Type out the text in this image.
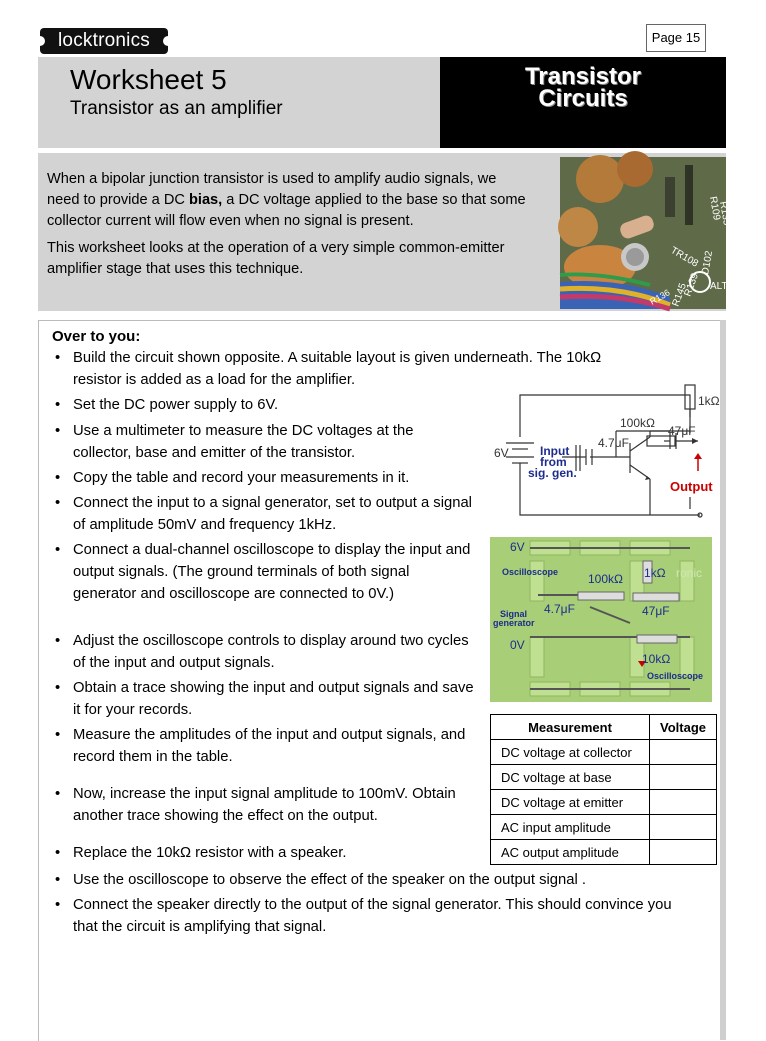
locktronics	Page 15
Worksheet 5
Transistor as an amplifier
Transistor
Circuits

When a bipolar junction transistor is used to amplify audio signals, we need to provide a DC bias, a DC voltage applied to the base so that some collector current will flow even when no signal is present.

This worksheet looks at the operation of a very simple common-emitter amplifier stage that uses this technique.

R145
R139
TR108 D102
R109
R135
ALT
R136
Over to you:
• Build the circuit shown opposite. A suitable layout is given underneath. The 10kΩ resistor is added as a load for the amplifier.
• Set the DC power supply to 6V.
• Use a multimeter to measure the DC voltages at the collector, base and emitter of the transistor.
• Copy the table and record your measurements in it.
• Connect the input to a signal generator, set to output a signal of amplitude 50mV and frequency 1kHz.
• Connect a dual-channel oscilloscope to display the input and output signals. (The ground terminals of both signal generator and oscilloscope are connected to 0V.)
• Adjust the oscilloscope controls to display around two cycles of the input and output signals.
• Obtain a trace showing the input and output signals and save it for your records.
• Measure the amplitudes of the input and output signals, and record them in the table.
• Now, increase the input signal amplitude to 100mV. Obtain another trace showing the effect on the output.
• Replace the 10kΩ resistor with a speaker.
• Use the oscilloscope to observe the effect of the speaker on the output signal .
• Connect the speaker directly to the output of the signal generator. This should convince you that the circuit is amplifying that signal.
1kΩ
100kΩ
47μF
4.7μF
6V	Input
from
sig. gen.
Output
6V
0V
Oscilloscope
Oscilloscope
Signal
generator
100kΩ 1kΩ
47μF
4.7μF
10kΩ
ronic
Measurement	Voltage
DC voltage at collector	
DC voltage at base	
DC voltage at emitter	
AC input amplitude	
AC output amplitude	
